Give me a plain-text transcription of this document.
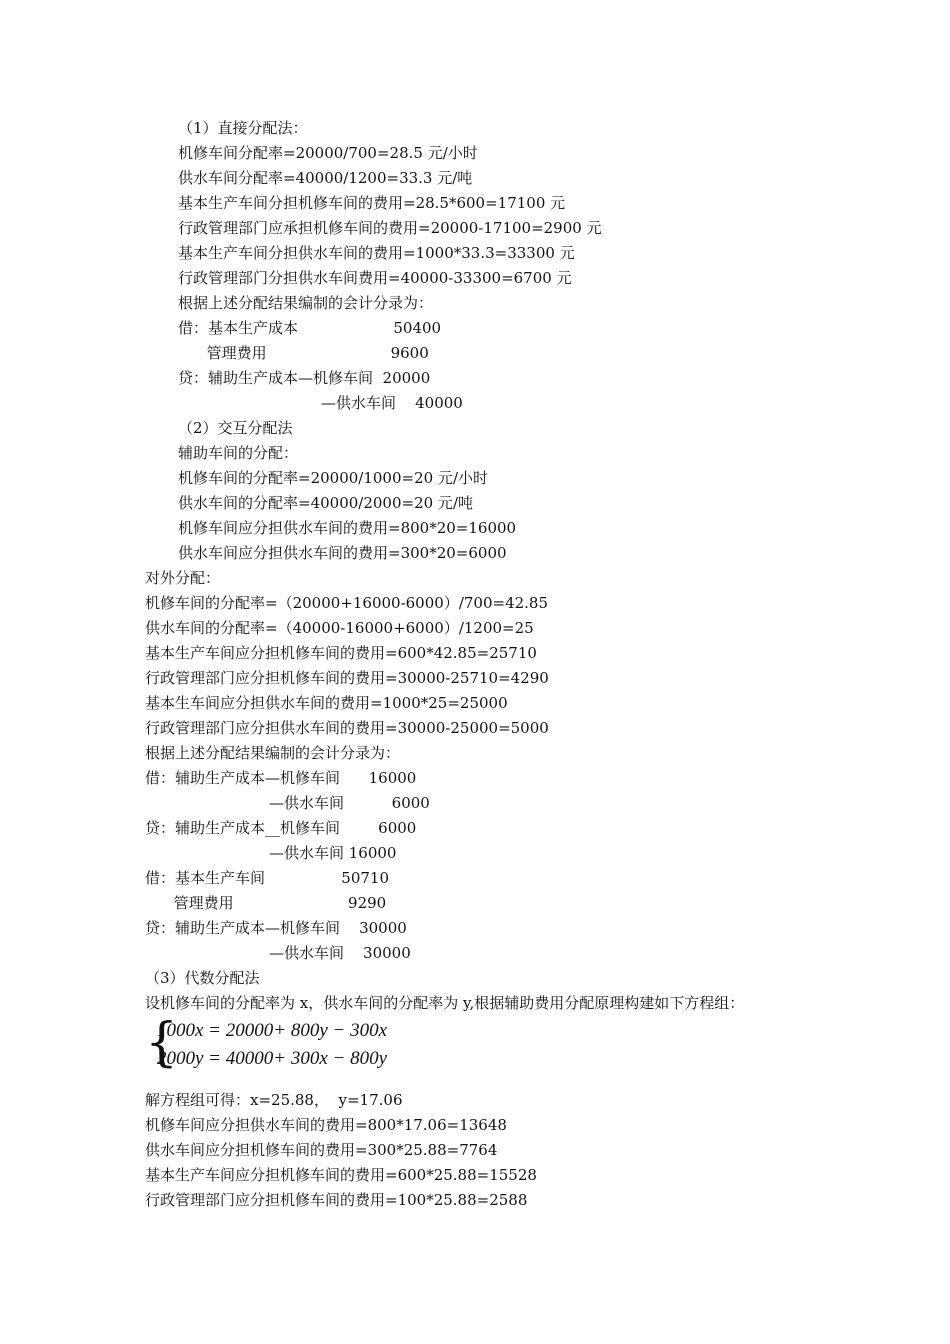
（1）直接分配法：
机修车间分配率=20000/700=28.5 元/小时
供水车间分配率=40000/1200=33.3 元/吨
基本生产车间分担机修车间的费用=28.5*600=17100 元
行政管理部门应承担机修车间的费用=20000-17100=2900 元
基本生产车间分担供水车间的费用=1000*33.3=33300 元
行政管理部门分担供水车间费用=40000-33300=6700 元
根据上述分配结果编制的会计分录为：
借：基本生产成本                    50400
管理费用                          9600
贷：辅助生产成本—机修车间  20000
—供水车间    40000
（2）交互分配法
辅助车间的分配：
机修车间的分配率=20000/1000=20 元/小时
供水车间的分配率=40000/2000=20 元/吨
机修车间应分担供水车间的费用=800*20=16000
供水车间应分担供水车间的费用=300*20=6000
对外分配：
机修车间的分配率=（20000+16000-6000）/700=42.85
供水车间的分配率=（40000-16000+6000）/1200=25
基本生产车间应分担机修车间的费用=600*42.85=25710
行政管理部门应分担机修车间的费用=30000-25710=4290
基本生车间应分担供水车间的费用=1000*25=25000
行政管理部门应分担供水车间的费用=30000-25000=5000
根据上述分配结果编制的会计分录为：
借：辅助生产成本—机修车间      16000
—供水车间          6000
贷：辅助生产成本__机修车间        6000
—供水车间 16000
借：基本生产车间                50710
管理费用                        9290
贷：辅助生产成本—机修车间    30000
—供水车间    30000
（3）代数分配法
设机修车间的分配率为 x，供水车间的分配率为 y,根据辅助费用分配原理构建如下方程组：
{
1000x = 20000+ 800y − 300x
2000y = 40000+ 300x − 800y
解方程组可得：x=25.88，  y=17.06
机修车间应分担供水车间的费用=800*17.06=13648
供水车间应分担机修车间的费用=300*25.88=7764
基本生产车间应分担机修车间的费用=600*25.88=15528
行政管理部门应分担机修车间的费用=100*25.88=2588
